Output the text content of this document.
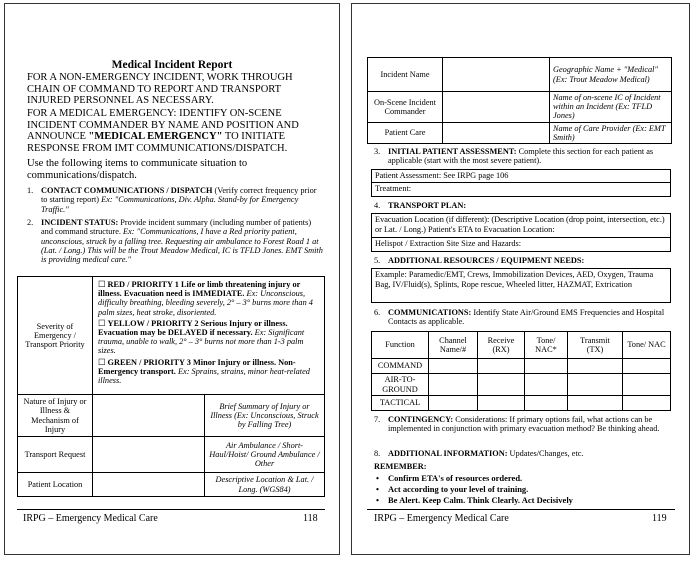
Medical Incident Report
FOR A NON-EMERGENCY INCIDENT, WORK THROUGH CHAIN OF COMMAND TO REPORT AND TRANSPORT INJURED PERSONNEL AS NECESSARY.
FOR A MEDICAL EMERGENCY: IDENTIFY ON-SCENE INCIDENT COMMANDER BY NAME AND POSITION AND ANNOUNCE "MEDICAL EMERGENCY" TO INITIATE RESPONSE FROM IMT COMMUNICATIONS/DISPATCH.
Use the following items to communicate situation to communications/dispatch.
1. CONTACT COMMUNICATIONS / DISPATCH (Verify correct frequency prior to starting report) Ex: "Communications, Div. Alpha. Stand-by for Emergency Traffic."
2. INCIDENT STATUS: Provide incident summary (including number of patients) and command structure. Ex: "Communications, I have a Red priority patient, unconscious, struck by a falling tree. Requesting air ambulance to Forest Road 1 at (Lat. / Long.) This will be the Trout Meadow Medical, IC is TFLD Jones. EMT Smith is providing medical care."
Severity of Emergency / Transport Priority	☐ RED / PRIORITY 1 Life or limb threatening injury or illness. Evacuation need is IMMEDIATE. Ex: Unconscious, difficulty breathing, bleeding severely, 2° – 3° burns more than 4 palm sizes, heat stroke, disoriented.
☐ YELLOW / PRIORITY 2 Serious Injury or illness. Evacuation may be DELAYED if necessary. Ex: Significant trauma, unable to walk, 2° – 3° burns not more than 1-3 palm sizes.
☐ GREEN / PRIORITY 3 Minor Injury or illness. Non-Emergency transport. Ex: Sprains, strains, minor heat-related illness.	

Nature of Injury or Illness & Mechanism of Injury		Brief Summary of Injury or Illness (Ex: Unconscious, Struck by Falling Tree)
Transport Request		Air Ambulance / Short-Haul/Hoist/ Ground Ambulance / Other
Patient Location		Descriptive Location & Lat. / Long. (WGS84)
IRPG – Emergency Medical Care	118
Incident Name		Geographic Name + "Medical" (Ex: Trout Meadow Medical)
On-Scene Incident Commander		Name of on-scene IC of Incident within an Incident (Ex: TFLD Jones)
Patient Care		Name of Care Provider (Ex: EMT Smith)
3. INITIAL PATIENT ASSESSMENT: Complete this section for each patient as applicable (start with the most severe patient).
Patient Assessment: See IRPG page 106
Treatment:
4. TRANSPORT PLAN:
Evacuation Location (if different): (Descriptive Location (drop point, intersection, etc.) or Lat. / Long.) Patient's ETA to Evacuation Location:
Helispot / Extraction Site Size and Hazards:
5. ADDITIONAL RESOURCES / EQUIPMENT NEEDS:
Example: Paramedic/EMT, Crews, Immobilization Devices, AED, Oxygen, Trauma Bag, IV/Fluid(s), Splints, Rope rescue, Wheeled litter, HAZMAT, Extrication
6. COMMUNICATIONS: Identify State Air/Ground EMS Frequencies and Hospital Contacts as applicable.
Function	Channel Name/#	Receive (RX)	Tone/ NAC*	Transmit (TX)	Tone/ NAC
COMMAND					
AIR-TO-GROUND					
TACTICAL					
7. CONTINGENCY: Considerations: If primary options fail, what actions can be implemented in conjunction with primary evacuation method? Be thinking ahead.
8. ADDITIONAL INFORMATION: Updates/Changes, etc.
REMEMBER:
• Confirm ETA's of resources ordered.
• Act according to your level of training.
• Be Alert. Keep Calm. Think Clearly. Act Decisively
IRPG – Emergency Medical Care	119
